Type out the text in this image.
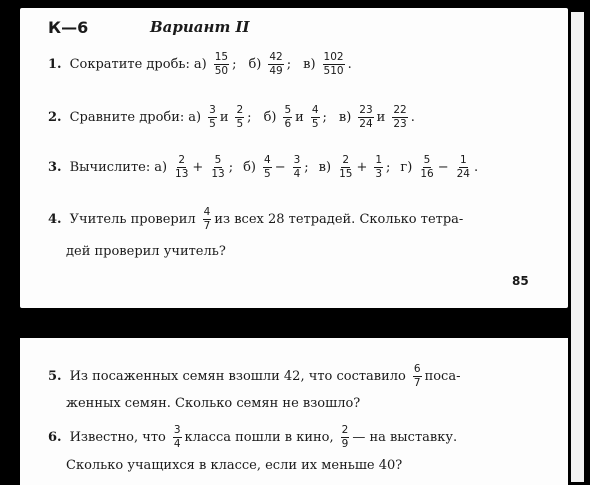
К—6	Вариант II
1. Сократите дробь: $а) \frac{15}{50}$ ; $б) \frac{42}{49}$ ; $в) \frac{102}{510}$ .
2. Сравните дроби: $а) \frac{3}{5}$ и $\frac{2}{5}$ ; $б) \frac{5}{6}$ и $\frac{4}{5}$ ; $в) \frac{23}{24}$ и $\frac{22}{23}$ .
3. Вычислите: $а) \frac{2}{13} + \frac{5}{13}$ ; $б) \frac{4}{5} - \frac{3}{4}$ ; $в) \frac{2}{15} + \frac{1}{3}$ ; $г) \frac{5}{16} - \frac{1}{24}$ .
4. Учитель проверил $\frac{4}{7}$ из всех 28 тетрадей. Сколько тетра-
дей проверил учитель?
85
5. Из посаженных семян взошли 42, что составило $\frac{6}{7}$ поса-
женных семян. Сколько семян не взошло?
6. Известно, что $\frac{3}{4}$ класса пошли в кино, $\frac{2}{9}$ — на выставку.
Сколько учащихся в классе, если их меньше 40?
